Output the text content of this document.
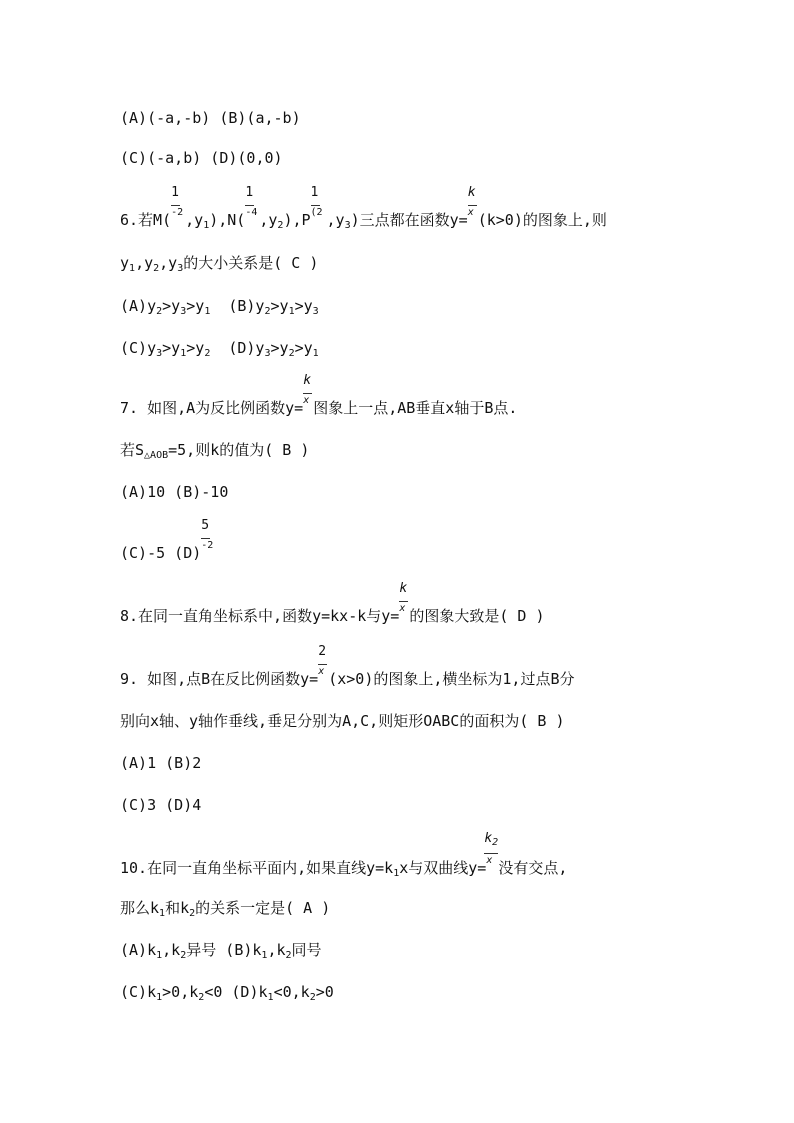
(A)(-a,-b) (B)(a,-b)
(C)(-a,b) (D)(0,0)
6.若$M( \frac{1}{-2} ,y_1),N( \frac{1}{-4} ,y_2),P \frac{1}{(2} ,y_3$)三点都在函数$y= \frac{k}{x} (k>0)$的图象上,则
$y_1,y_2,y_3$的大小关系是( C )
$(A)y_2>y_3>y_1$ $(B)y_2>y_1>y_3$
$(C)y_3>y_1>y_2$ $(D)y_3>y_2>y_1$
7. 如图,A为反比例函数$y= \frac{k}{x}$ 图象上一点,AB垂直x轴于B点.
若$S_{\triangle AOB}=5$,则k的值为( B )
(A)10 (B)-10
(C)-5 $(D) \frac{5}{-2}$
8.在同一直角坐标系中,函数y=kx-k与$y= \frac{k}{x}$ 的图象大致是( D )
9. 如图,点B在反比例函数$y= \frac{2}{x} (x>0)$的图象上,横坐标为1,过点B分
别向x轴、y轴作垂线,垂足分别为A,C,则矩形OABC的面积为( B )
(A)1 (B)2
(C)3 (D)4
10.在同一直角坐标平面内,如果直线$y=k_1x$与双曲线$y= \frac{k_2}{x}$ 没有交点,
那么$k_1$和$k_2$的关系一定是( A )
$(A)k_1,k_2$异号 $(B)k_1,k_2$同号
$(C)k_1>0,k_2<0$ $(D)k_1<0,k_2>0$
